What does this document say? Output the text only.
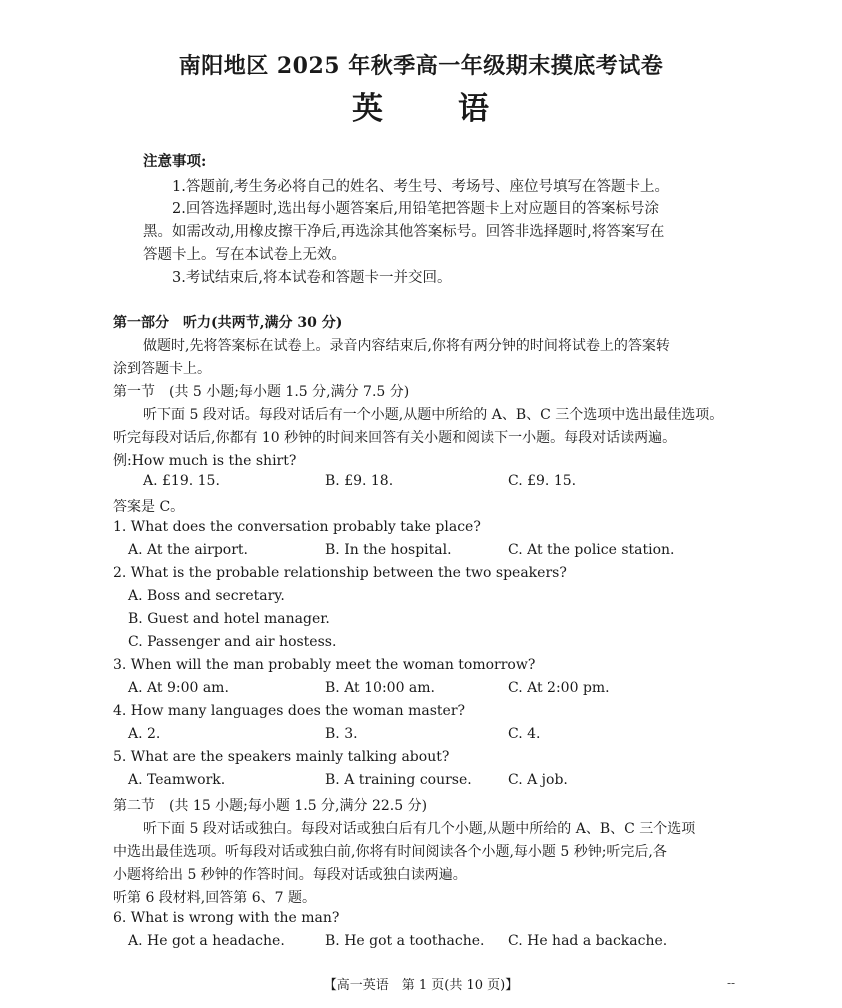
南阳地区 2025 年秋季高一年级期末摸底考试卷
英 语
注意事项:
1.答题前,考生务必将自己的姓名、考生号、考场号、座位号填写在答题卡上。
2.回答选择题时,选出每小题答案后,用铅笔把答题卡上对应题目的答案标号涂
黑。如需改动,用橡皮擦干净后,再选涂其他答案标号。回答非选择题时,将答案写在
答题卡上。写在本试卷上无效。
3.考试结束后,将本试卷和答题卡一并交回。
第一部分　听力(共两节,满分 30 分)
做题时,先将答案标在试卷上。录音内容结束后,你将有两分钟的时间将试卷上的答案转
涂到答题卡上。
第一节　(共 5 小题;每小题 1.5 分,满分 7.5 分)
听下面 5 段对话。每段对话后有一个小题,从题中所给的 A、B、C 三个选项中选出最佳选项。
听完每段对话后,你都有 10 秒钟的时间来回答有关小题和阅读下一小题。每段对话读两遍。
例:How much is the shirt?
A. £19. 15.	B. £9. 18.	C. £9. 15.
答案是 C。
1. What does the conversation probably take place?
A. At the airport.	B. In the hospital.	C. At the police station.
2. What is the probable relationship between the two speakers?
A. Boss and secretary.
B. Guest and hotel manager.
C. Passenger and air hostess.
3. When will the man probably meet the woman tomorrow?
A. At 9:00 am.	B. At 10:00 am.	C. At 2:00 pm.
4. How many languages does the woman master?
A. 2.	B. 3.	C. 4.
5. What are the speakers mainly talking about?
A. Teamwork.	B. A training course.	C. A job.
第二节　(共 15 小题;每小题 1.5 分,满分 22.5 分)
听下面 5 段对话或独白。每段对话或独白后有几个小题,从题中所给的 A、B、C 三个选项
中选出最佳选项。听每段对话或独白前,你将有时间阅读各个小题,每小题 5 秒钟;听完后,各
小题将给出 5 秒钟的作答时间。每段对话或独白读两遍。
听第 6 段材料,回答第 6、7 题。
6. What is wrong with the man?
A. He got a headache.	B. He got a toothache. C. He had a backache.
【高一英语　第 1 页(共 10 页)】	--
